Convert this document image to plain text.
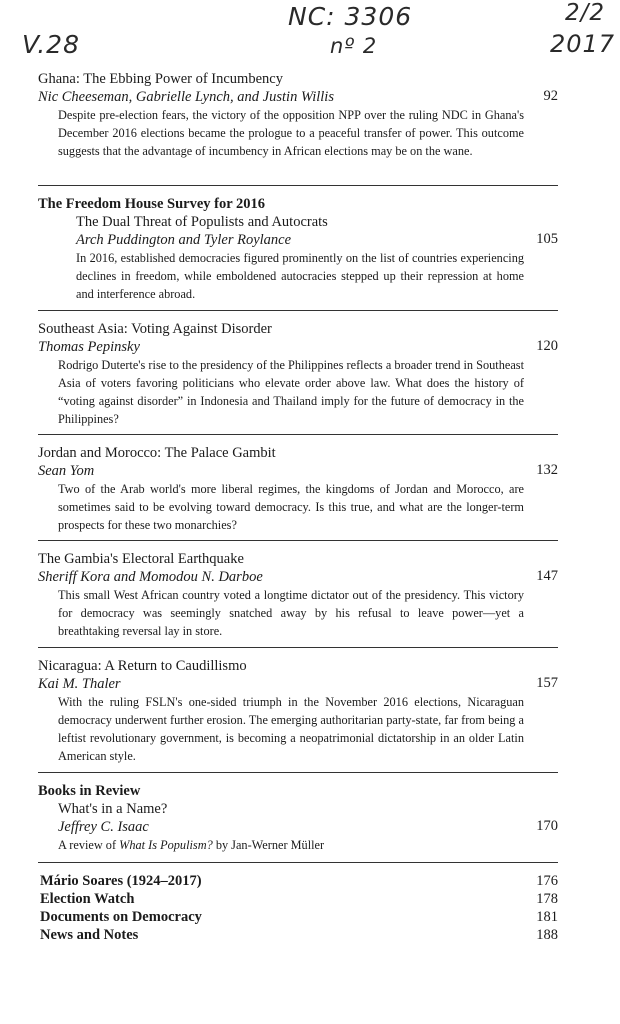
NC: 3306
nº 2
V.28
2/2
2017
Ghana: The Ebbing Power of Incumbency
Nic Cheeseman, Gabrielle Lynch, and Justin Willis	92
Despite pre-election fears, the victory of the opposition NPP over the ruling NDC in Ghana's December 2016 elections became the prologue to a peaceful transfer of power. This outcome suggests that the advantage of incumbency in African elections may be on the wane.
The Freedom House Survey for 2016
The Dual Threat of Populists and Autocrats
Arch Puddington and Tyler Roylance	105
In 2016, established democracies figured prominently on the list of countries experiencing declines in freedom, while emboldened autocracies stepped up their repression at home and interference abroad.
Southeast Asia: Voting Against Disorder
Thomas Pepinsky	120
Rodrigo Duterte's rise to the presidency of the Philippines reflects a broader trend in Southeast Asia of voters favoring politicians who elevate order above law. What does the history of “voting against disorder” in Indonesia and Thailand imply for the future of democracy in the Philippines?
Jordan and Morocco: The Palace Gambit
Sean Yom	132
Two of the Arab world's more liberal regimes, the kingdoms of Jordan and Morocco, are sometimes said to be evolving toward democracy. Is this true, and what are the longer-term prospects for these two monarchies?
The Gambia's Electoral Earthquake
Sheriff Kora and Momodou N. Darboe	147
This small West African country voted a longtime dictator out of the presidency. This victory for democracy was seemingly snatched away by his refusal to leave power—yet a breathtaking reversal lay in store.
Nicaragua: A Return to Caudillismo
Kai M. Thaler	157
With the ruling FSLN's one-sided triumph in the November 2016 elections, Nicaraguan democracy underwent further erosion. The emerging authoritarian party-state, far from being a leftist revolutionary government, is becoming a neopatrimonial dictatorship in an older Latin American style.
Books in Review
What's in a Name?
Jeffrey C. Isaac	170
A review of What Is Populism? by Jan-Werner Müller
Mário Soares (1924–2017)	176
Election Watch	178
Documents on Democracy	181
News and Notes	188
